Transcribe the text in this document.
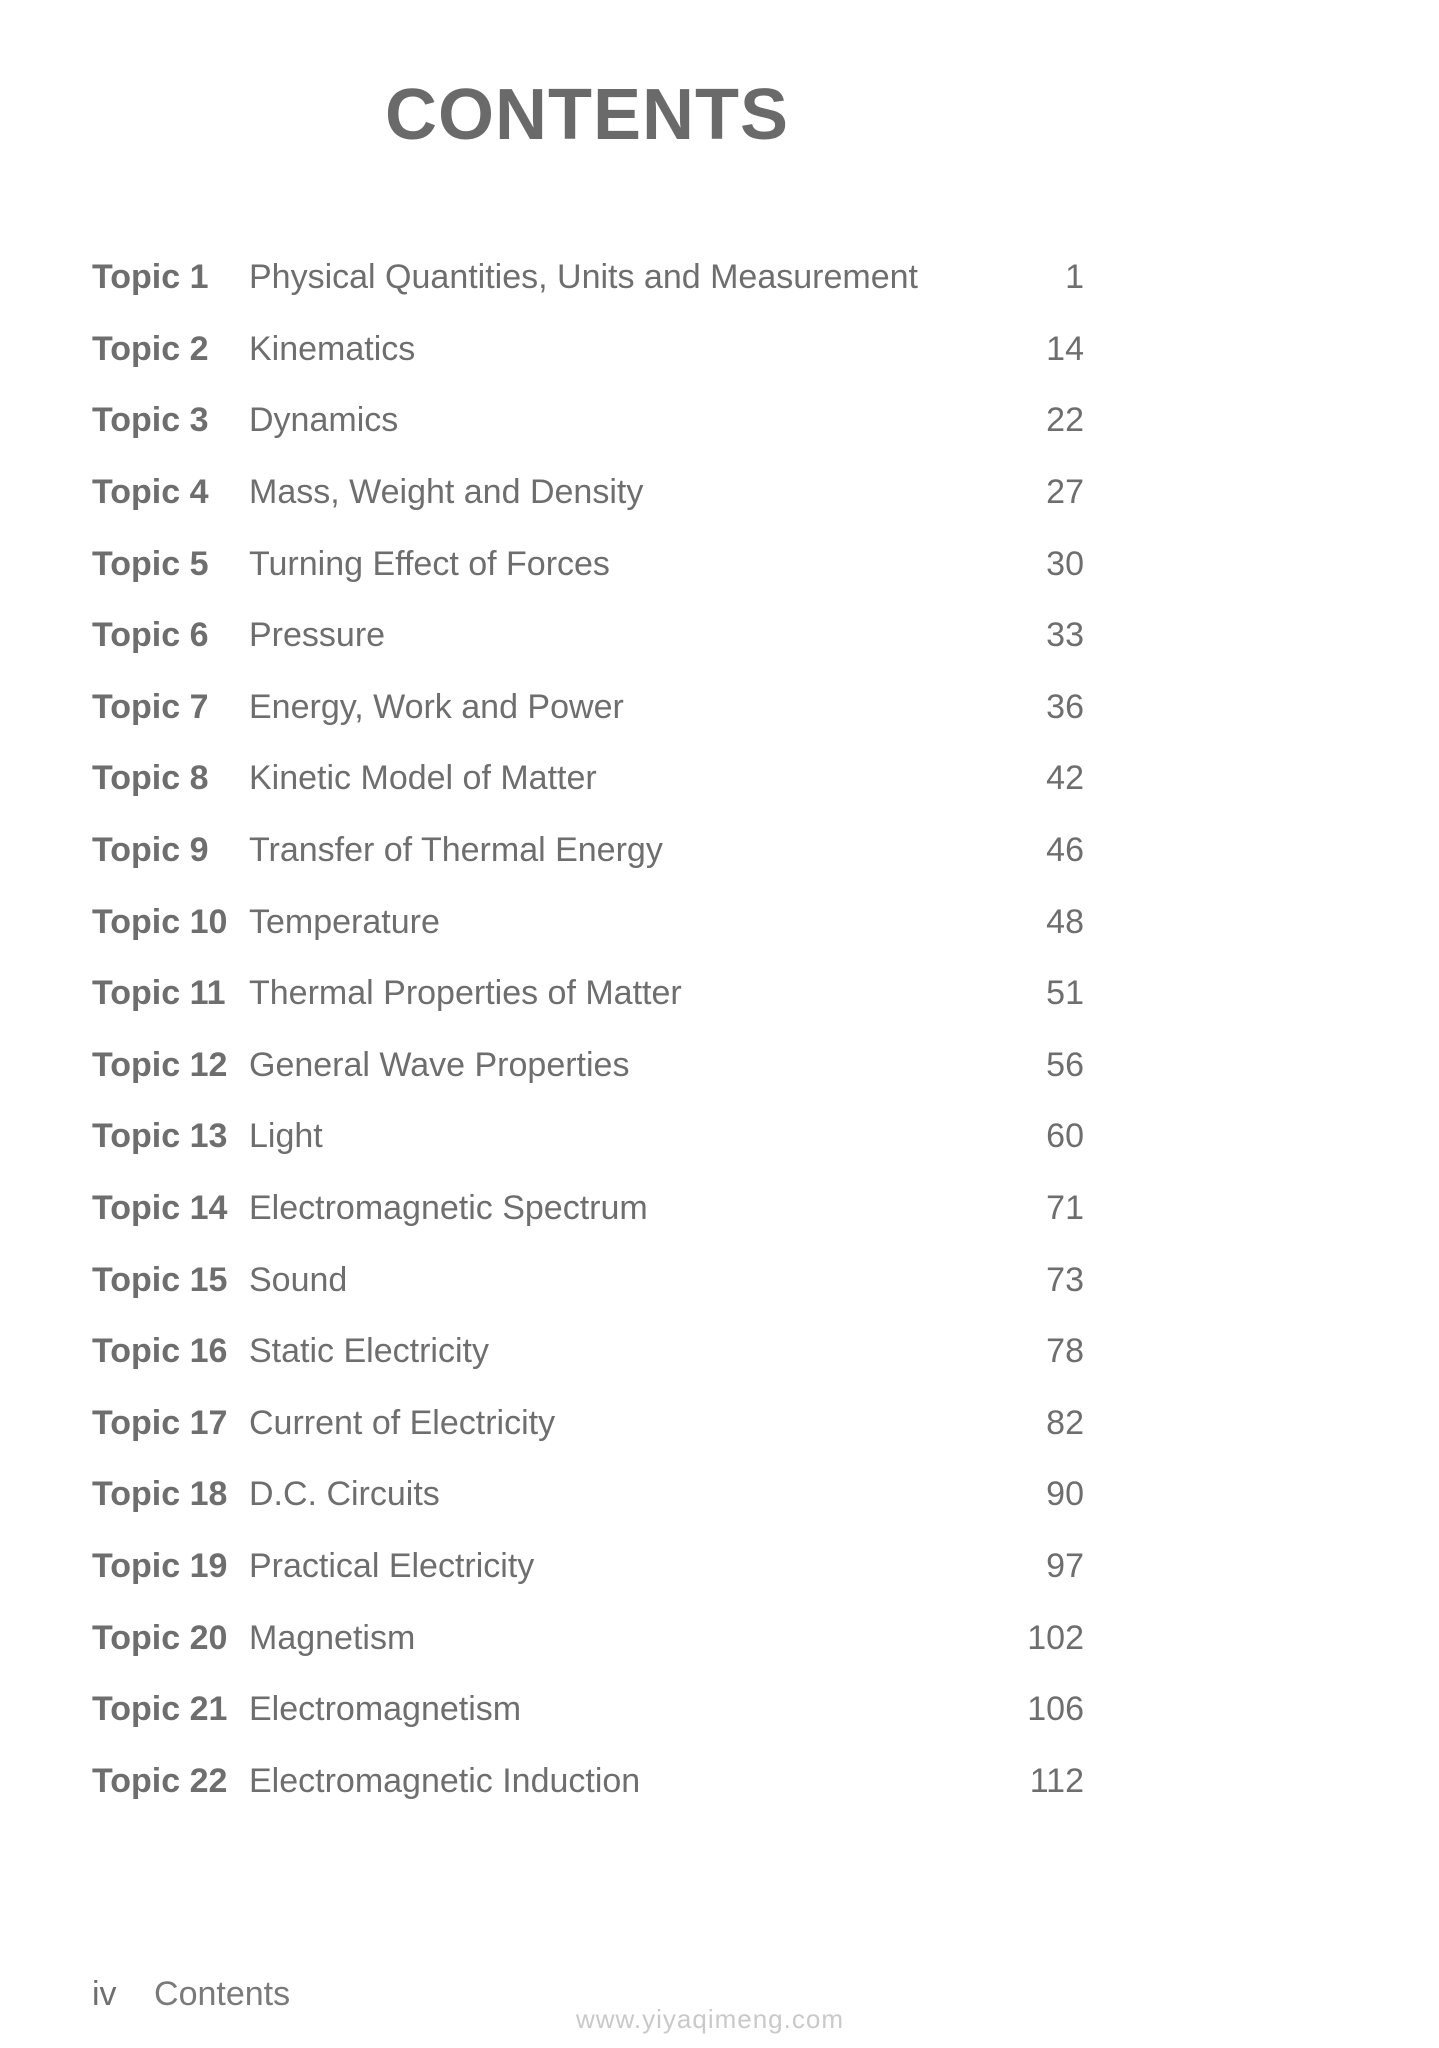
CONTENTS
Topic 1	Physical Quantities, Units and Measurement	1
Topic 2	Kinematics	14
Topic 3	Dynamics	22
Topic 4	Mass, Weight and Density	27
Topic 5	Turning Effect of Forces	30
Topic 6	Pressure	33
Topic 7	Energy, Work and Power	36
Topic 8	Kinetic Model of Matter	42
Topic 9	Transfer of Thermal Energy	46
Topic 10 Temperature	48
Topic 11 Thermal Properties of Matter	51
Topic 12 General Wave Properties	56
Topic 13 Light	60
Topic 14 Electromagnetic Spectrum	71
Topic 15 Sound	73
Topic 16 Static Electricity	78
Topic 17 Current of Electricity	82
Topic 18 D.C. Circuits	90
Topic 19 Practical Electricity	97
Topic 20 Magnetism	102
Topic 21 Electromagnetism	106
Topic 22 Electromagnetic Induction	112
iv Contents
www.yiyaqimeng.com
